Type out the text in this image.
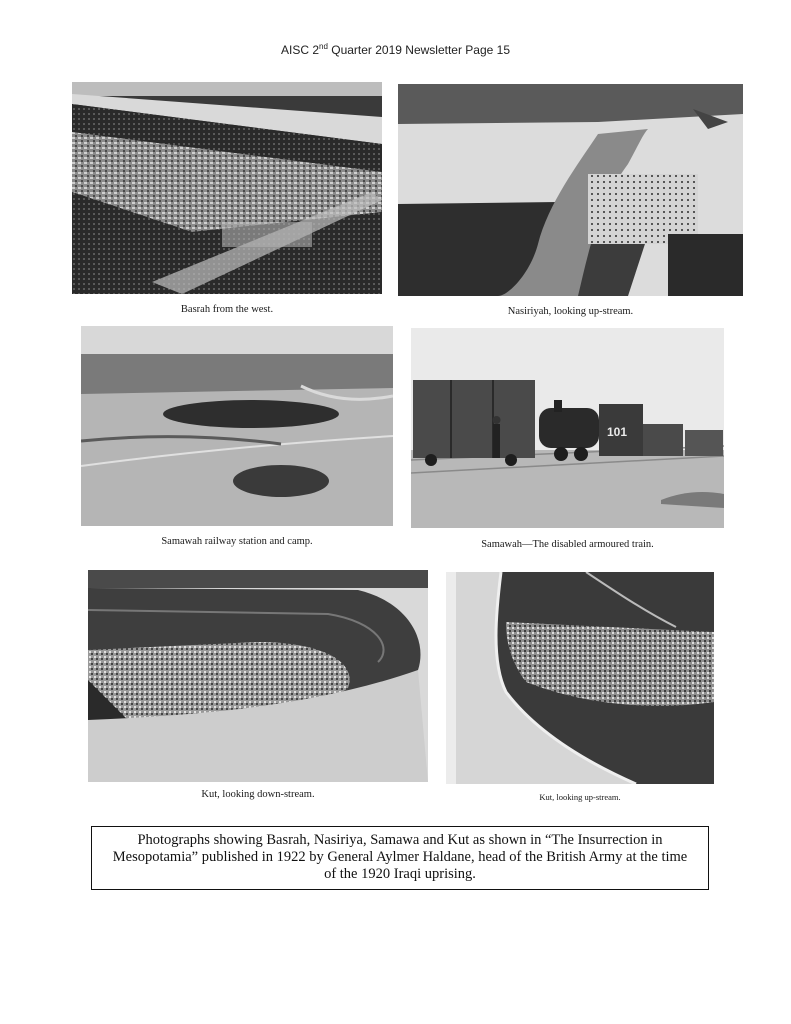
AISC 2nd Quarter 2019 Newsletter Page 15
Basrah from the west.	Nasiriyah, looking up-stream.
Samawah railway station and camp.
101
Samawah—The disabled armoured train.
Kut, looking down-stream.	Kut, looking up-stream.
Photographs showing Basrah, Nasiriya, Samawa and Kut as shown in “The Insurrection in Mesopotamia” published in 1922 by General Aylmer Haldane, head of the British Army at the time of the 1920 Iraqi uprising.
